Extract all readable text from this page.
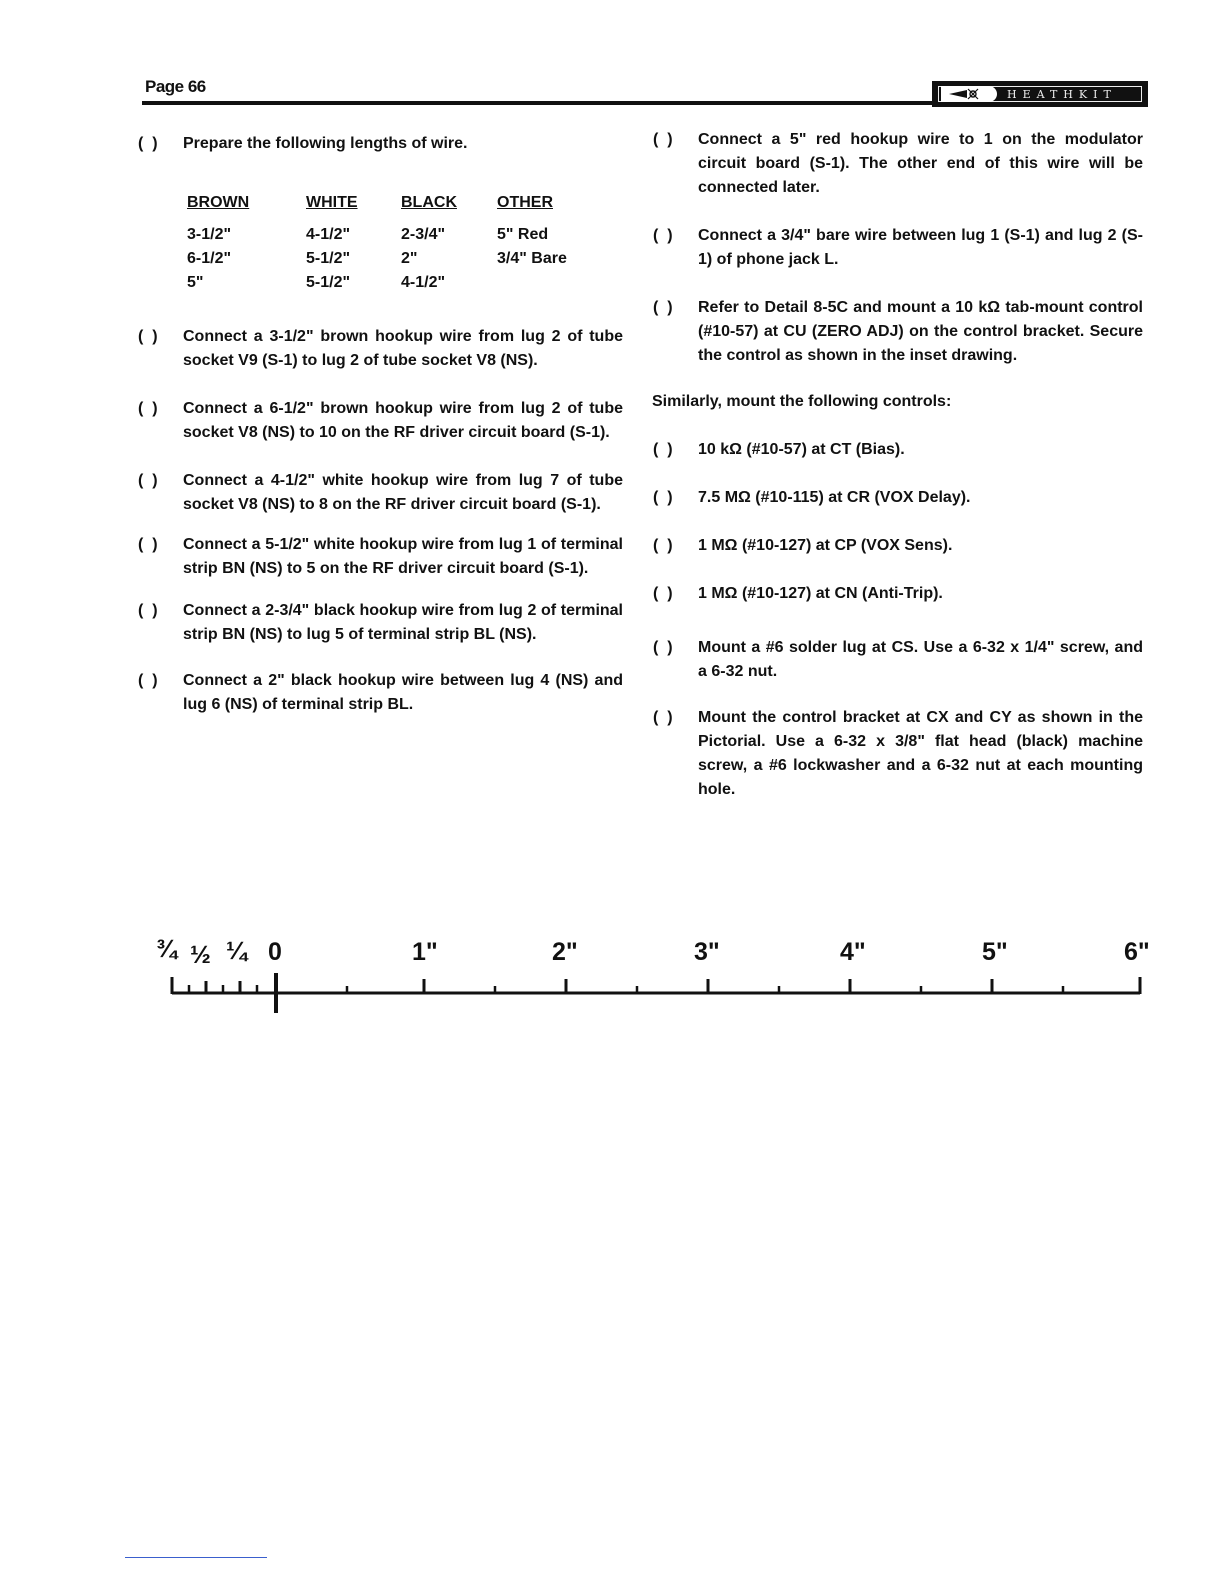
Page 66	HEATHKIT
(  )	Prepare the following lengths of wire.
BROWN	WHITE	BLACK	OTHER
3-1/2"	4-1/2"	2-3/4"	5" Red
6-1/2"	5-1/2"	2"	3/4" Bare
5"	5-1/2"	4-1/2"	
(  )	Connect a 3-1/2" brown hookup wire from lug 2 of tube socket V9 (S-1) to lug 2 of tube socket V8 (NS).
(  )	Connect a 6-1/2" brown hookup wire from lug 2 of tube socket V8 (NS) to 10 on the RF driver circuit board (S-1).
(  )	Connect a 4-1/2" white hookup wire from lug 7 of tube socket V8 (NS) to 8 on the RF driver circuit board (S-1).
(  )	Connect a 5-1/2" white hookup wire from lug 1 of terminal strip BN (NS) to 5 on the RF driver circuit board (S-1).
(  )	Connect a 2-3/4" black hookup wire from lug 2 of terminal strip BN (NS) to lug 5 of terminal strip BL (NS).
(  )	Connect a 2" black hookup wire between lug 4 (NS) and lug 6 (NS) of terminal strip BL.
(  )	Connect a 5" red hookup wire to 1 on the modulator circuit board (S-1). The other end of this wire will be connected later.
(  )	Connect a 3/4" bare wire between lug 1 (S-1) and lug 2 (S-1) of phone jack L.
(  )	Refer to Detail 8-5C and mount a 10 kΩ tab-mount control (#10-57) at CU (ZERO ADJ) on the control bracket. Secure the control as shown in the inset drawing.
Similarly, mount the following controls:
(  )	10 kΩ (#10-57) at CT (Bias).
(  )	7.5 MΩ (#10-115) at CR (VOX Delay).
(  )	1 MΩ (#10-127) at CP (VOX Sens).
(  )	1 MΩ (#10-127) at CN (Anti-Trip).
(  )	Mount a #6 solder lug at CS. Use a 6-32 x 1/4" screw, and a 6-32 nut.
(  )	Mount the control bracket at CX and CY as shown in the Pictorial. Use a 6-32 x 3/8" flat head (black) machine screw, a #6 lockwasher and a 6-32 nut at each mounting hole.
¾ ½ ¼ 0	1"	2"	3"	4"	5"	6"
